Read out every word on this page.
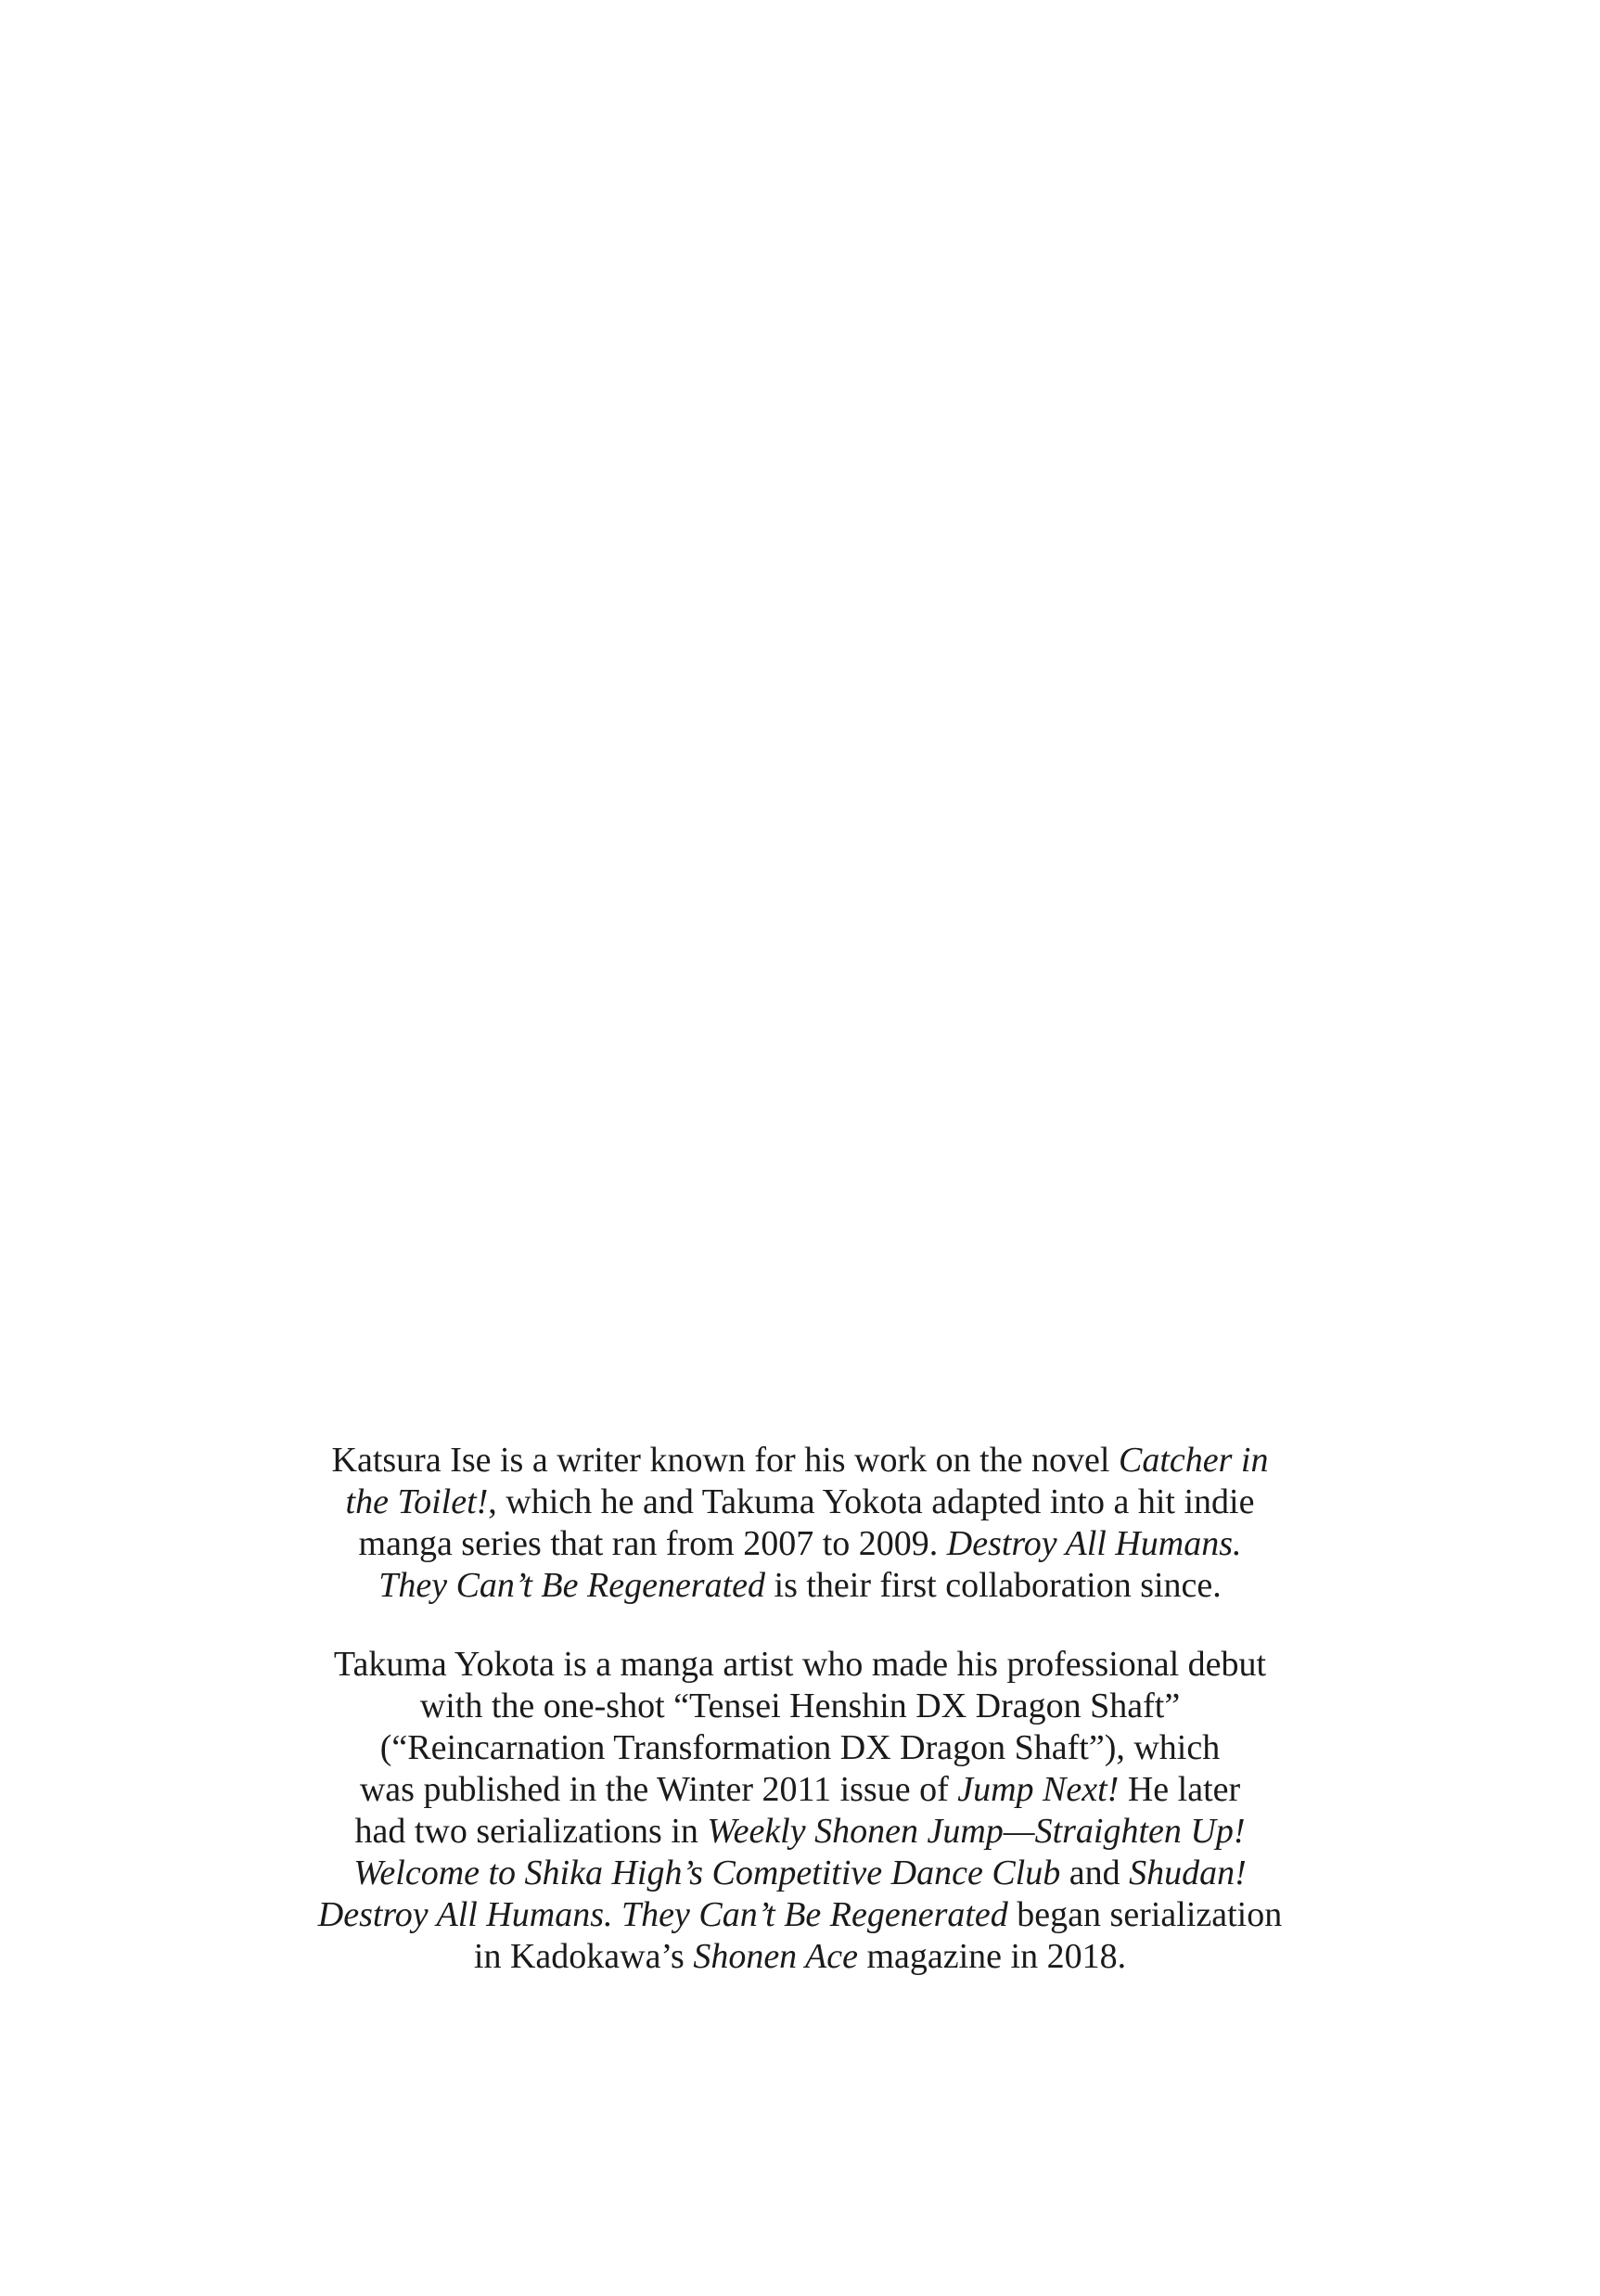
Katsura Ise is a writer known for his work on the novel Catcher in
the Toilet!, which he and Takuma Yokota adapted into a hit indie
manga series that ran from 2007 to 2009. Destroy All Humans.
They Can’t Be Regenerated is their first collaboration since.

Takuma Yokota is a manga artist who made his professional debut
with the one-shot “Tensei Henshin DX Dragon Shaft”
(“Reincarnation Transformation DX Dragon Shaft”), which
was published in the Winter 2011 issue of Jump Next! He later
had two serializations in Weekly Shonen Jump—Straighten Up!
Welcome to Shika High’s Competitive Dance Club and Shudan!
Destroy All Humans. They Can’t Be Regenerated began serialization
in Kadokawa’s Shonen Ace magazine in 2018.
